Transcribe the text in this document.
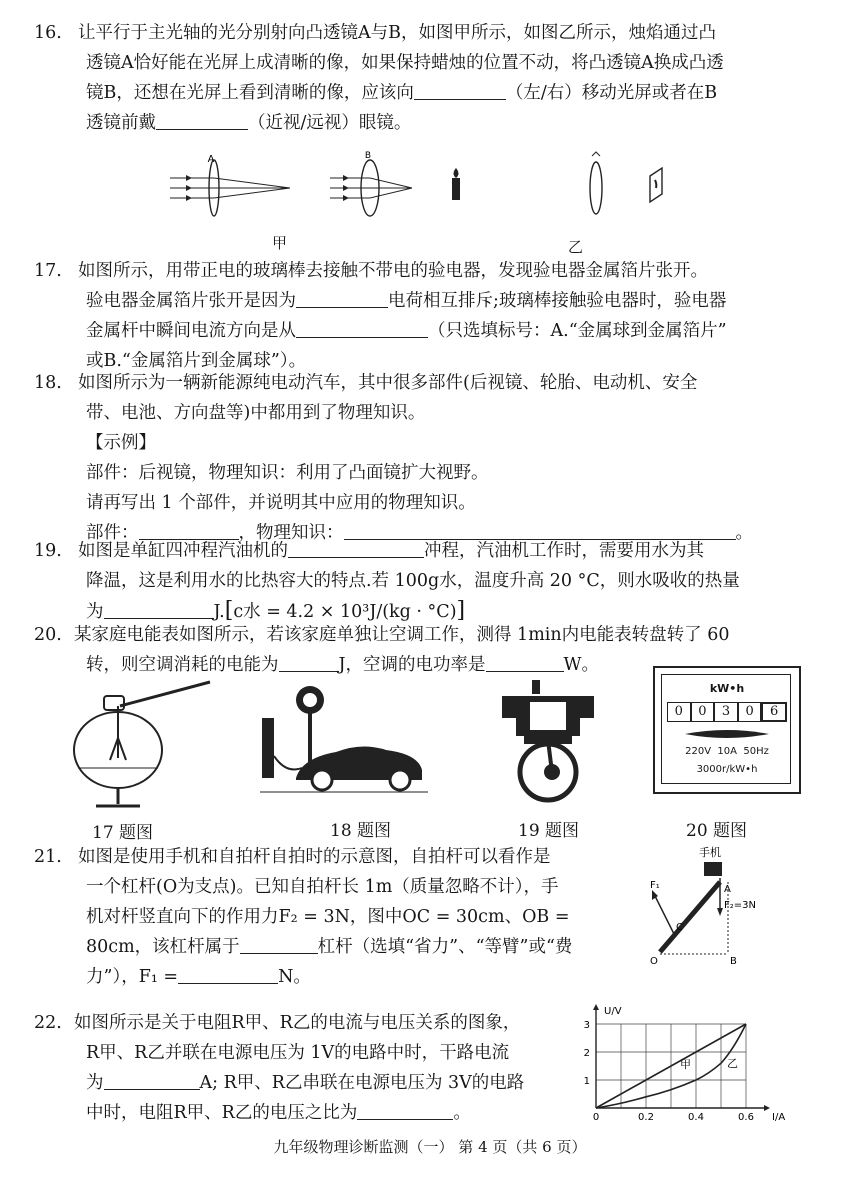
16. 让平行于主光轴的光分别射向凸透镜A与B，如图甲所示，如图乙所示，烛焰通过凸
透镜A恰好能在光屏上成清晰的像，如果保持蜡烛的位置不动，将凸透镜A换成凸透
镜B，还想在光屏上看到清晰的像，应该向	（左/右）移动光屏或者在B
透镜前戴	（近视/远视）眼镜。
A	B
甲	乙
17. 如图所示，用带正电的玻璃棒去接触不带电的验电器，发现验电器金属箔片张开。
验电器金属箔片张开是因为	电荷相互排斥;玻璃棒接触验电器时，验电器
金属杆中瞬间电流方向是从	（只选填标号：A.“金属球到金属箔片”
或B.“金属箔片到金属球”）。
18. 如图所示为一辆新能源纯电动汽车，其中很多部件(后视镜、轮胎、电动机、安全
带、电池、方向盘等)中都用到了物理知识。
【示例】
部件：后视镜，物理知识：利用了凸面镜扩大视野。
请再写出 1 个部件，并说明其中应用的物理知识。
部件：	，物理知识：	。
19. 如图是单缸四冲程汽油机的	冲程，汽油机工作时，需要用水为其
降温，这是利用水的比热容大的特点.若 100g水，温度升高 20 °C，则水吸收的热量
为	J.[c水 = 4.2 × 10³J/(kg · °C)]
20. 某家庭电能表如图所示，若该家庭单独让空调工作，测得 1min内电能表转盘转了 60
转，则空调消耗的电能为	J，空调的电功率是	W。
kW•h
0	0	3	0	6
220V  10A  50Hz
3000r/kW•h
17 题图	18 题图	19 题图	20 题图
21. 如图是使用手机和自拍杆自拍时的示意图，自拍杆可以看作是
一个杠杆(O为支点)。已知自拍杆长 1m（质量忽略不计），手
机对杆竖直向下的作用力F₂ = 3N，图中OC = 30cm、OB =
80cm，该杠杆属于	杠杆（选填“省力”、“等臂”或“费
力”），F₁ =	N。
手机
A
F₂=3N
F₁
C
B
O
22. 如图所示是关于电阻R甲、R乙的电流与电压关系的图象，
R甲、R乙并联在电源电压为 1V的电路中时，干路电流
为	A; R甲、R乙串联在电源电压为 3V的电路
中时，电阻R甲、R乙的电压之比为	。
甲	乙
0	0.2	0.4	0.6
1
2
3
I/A
U/V
九年级物理诊断监测（一） 第 4 页（共 6 页）
